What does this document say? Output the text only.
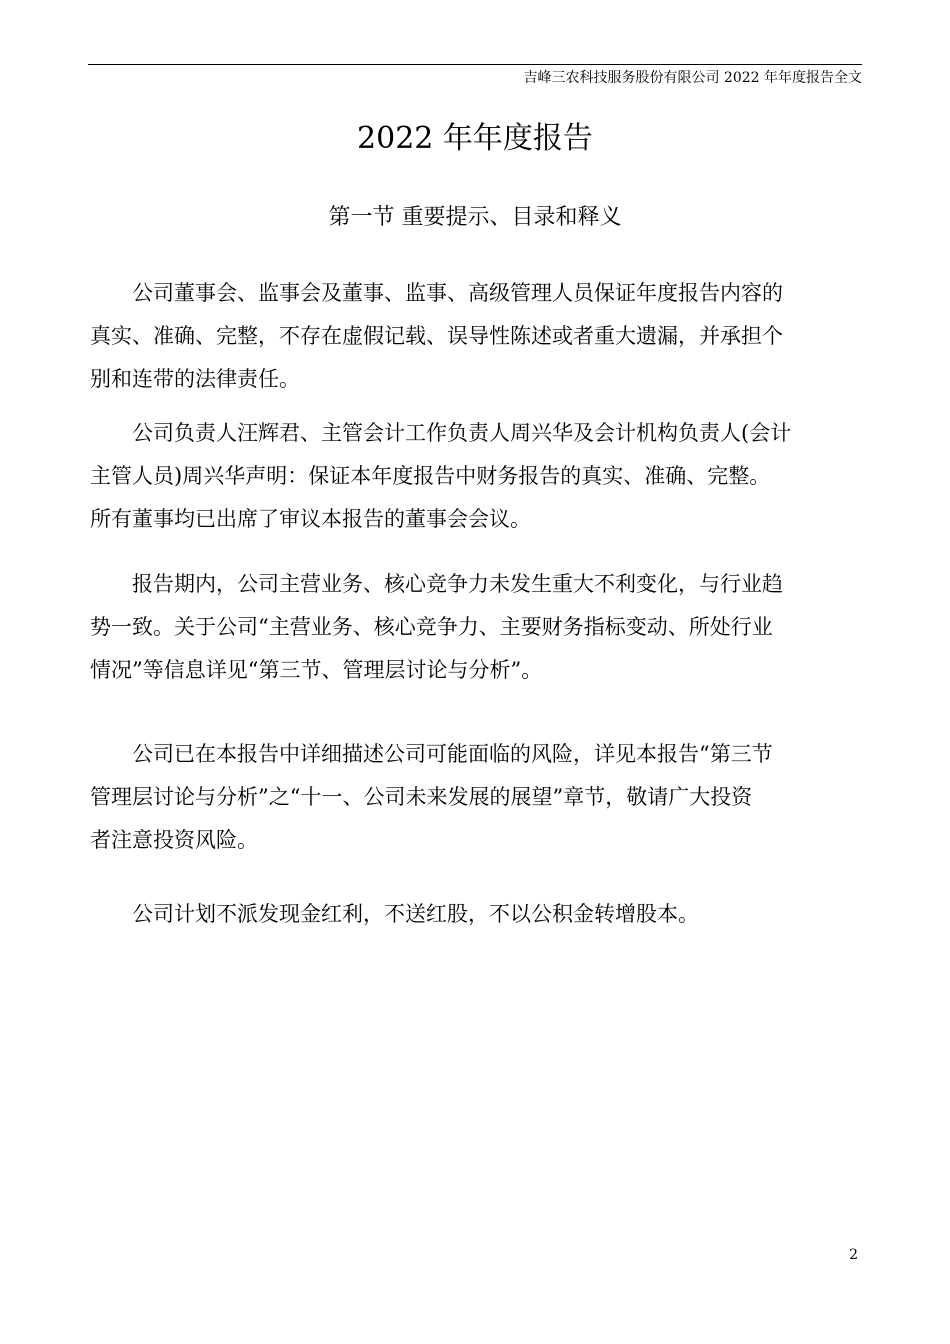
吉峰三农科技服务股份有限公司 2022 年年度报告全文
2022 年年度报告
第一节 重要提示、目录和释义
　　公司董事会、监事会及董事、监事、高级管理人员保证年度报告内容的
真实、准确、完整，不存在虚假记载、误导性陈述或者重大遗漏，并承担个
别和连带的法律责任。
　　公司负责人汪辉君、主管会计工作负责人周兴华及会计机构负责人(会计
主管人员)周兴华声明：保证本年度报告中财务报告的真实、准确、完整。
所有董事均已出席了审议本报告的董事会会议。
　　报告期内，公司主营业务、核心竞争力未发生重大不利变化，与行业趋
势一致。关于公司“主营业务、核心竞争力、主要财务指标变动、所处行业
情况”等信息详见“第三节、管理层讨论与分析”。
　　公司已在本报告中详细描述公司可能面临的风险，详见本报告“第三节
管理层讨论与分析”之“十一、公司未来发展的展望”章节，敬请广大投资
者注意投资风险。
　　公司计划不派发现金红利，不送红股，不以公积金转增股本。
2
